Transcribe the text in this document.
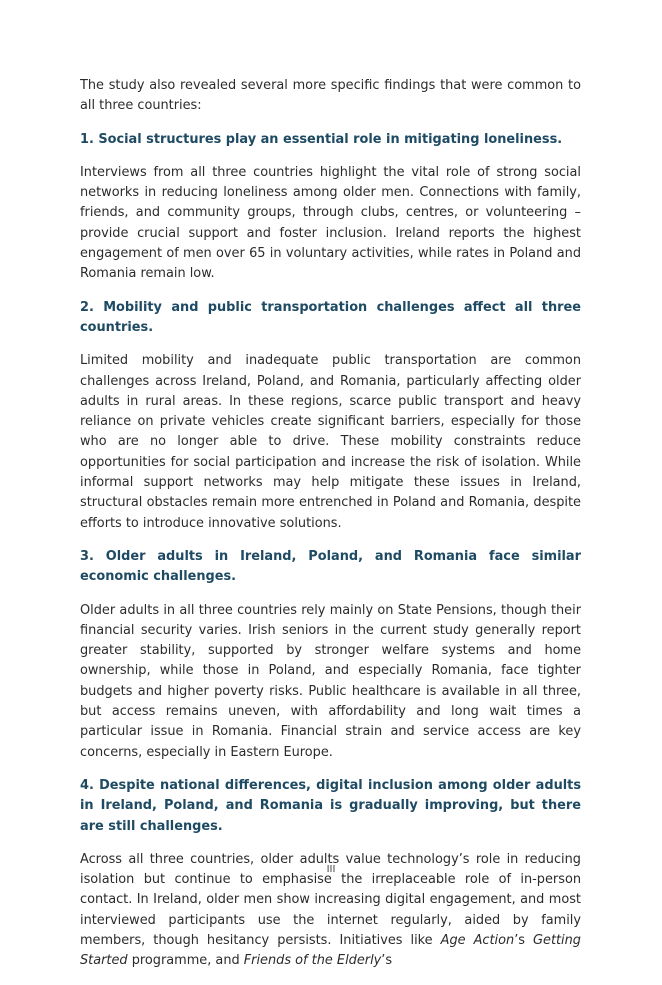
The study also revealed several more specific findings that were common to all three countries:

1. Social structures play an essential role in mitigating loneliness.

Interviews from all three countries highlight the vital role of strong social networks in reducing loneliness among older men. Connections with family, friends, and community groups, through clubs, centres, or volunteering – provide crucial support and foster inclusion. Ireland reports the highest engagement of men over 65 in voluntary activities, while rates in Poland and Romania remain low.

2. Mobility and public transportation challenges affect all three countries.

Limited mobility and inadequate public transportation are common challenges across Ireland, Poland, and Romania, particularly affecting older adults in rural areas. In these regions, scarce public transport and heavy reliance on private vehicles create significant barriers, especially for those who are no longer able to drive. These mobility constraints reduce opportunities for social participation and increase the risk of isolation. While informal support networks may help mitigate these issues in Ireland, structural obstacles remain more entrenched in Poland and Romania, despite efforts to introduce innovative solutions.

3. Older adults in Ireland, Poland, and Romania face similar economic challenges.

Older adults in all three countries rely mainly on State Pensions, though their financial security varies. Irish seniors in the current study generally report greater stability, supported by stronger welfare systems and home ownership, while those in Poland, and especially Romania, face tighter budgets and higher poverty risks. Public healthcare is available in all three, but access remains uneven, with affordability and long wait times a particular issue in Romania. Financial strain and service access are key concerns, especially in Eastern Europe.

4. Despite national differences, digital inclusion among older adults in Ireland, Poland, and Romania is gradually improving, but there are still challenges.

Across all three countries, older adults value technology’s role in reducing isolation but continue to emphasise the irreplaceable role of in-person contact. In Ireland, older men show increasing digital engagement, and most interviewed participants use the internet regularly, aided by family members, though hesitancy persists. Initiatives like Age Action’s Getting Started programme, and Friends of the Elderly’s

III
